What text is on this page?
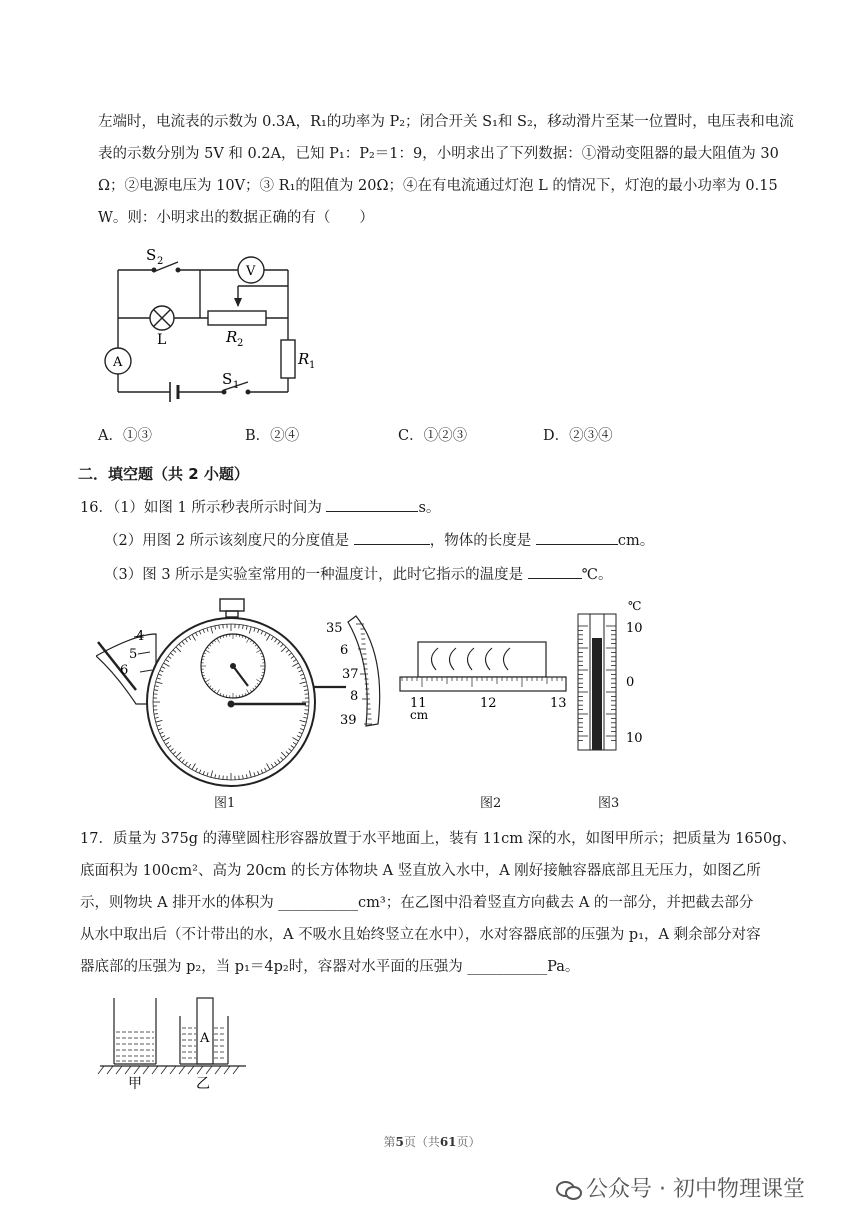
左端时，电流表的示数为 0.3A，R₁的功率为 P₂；闭合开关 S₁和 S₂，移动滑片至某一位置时，电压表和电流
表的示数分别为 5V 和 0.2A，已知 P₁：P₂＝1：9，小明求出了下列数据：①滑动变阻器的最大阻值为 30
Ω；②电源电压为 10V；③ R₁的阻值为 20Ω；④在有电流通过灯泡 L 的情况下，灯泡的最小功率为 0.15
W。则：小明求出的数据正确的有（　　）
S 2
V
A
L	R 2
R 1
S 1
A．①③	B．②④	C．①②③	D．②③④
二．填空题（共 2 小题）
16．（1）如图 1 所示秒表所示时间为	s。
（2）用图 2 所示该刻度尺的分度值是	，物体的长度是	cm。
（3）图 3 所示是实验室常用的一种温度计，此时它指示的温度是	℃。
4
5
6
35
6
37
8
39
图1
11	12	13
cm
图2
℃
10
0
10
图3
17．质量为 375g 的薄壁圆柱形容器放置于水平地面上，装有 11cm 深的水，如图甲所示；把质量为 1650g、
底面积为 100cm²、高为 20cm 的长方体物块 A 竖直放入水中，A 刚好接触容器底部且无压力，如图乙所
示，则物块 A 排开水的体积为 ___________cm³；在乙图中沿着竖直方向截去 A 的一部分，并把截去部分
从水中取出后（不计带出的水，A 不吸水且始终竖立在水中），水对容器底部的压强为 p₁，A 剩余部分对容
器底部的压强为 p₂，当 p₁＝4p₂时，容器对水平面的压强为 ___________Pa。
A
甲	乙
第5页（共61页）
公众号 · 初中物理课堂
